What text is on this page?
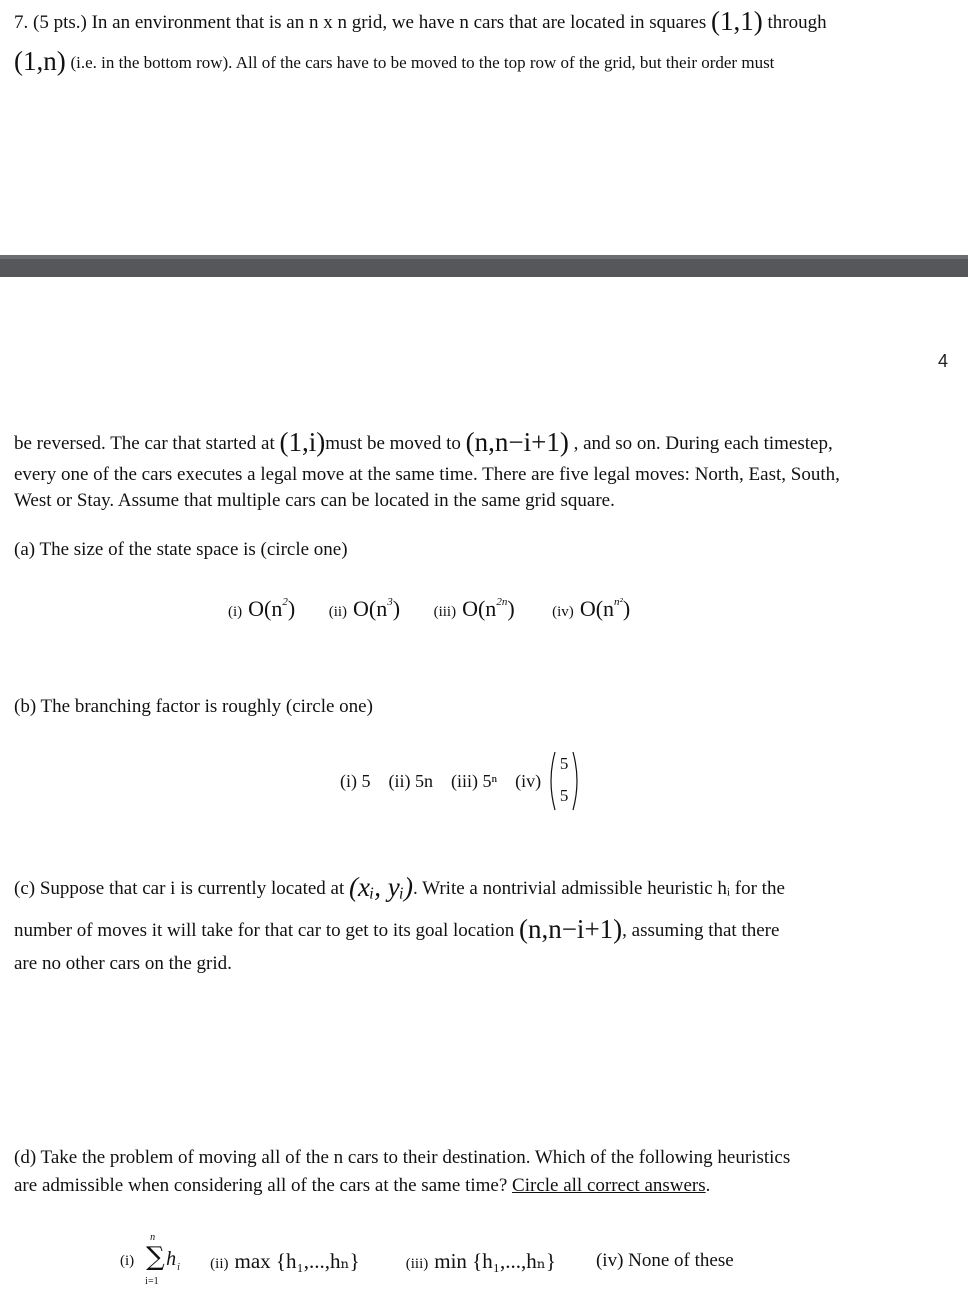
7. (5 pts.) In an environment that is an n x n grid, we have n cars that are located in squares (1,1) through
(1,n) (i.e. in the bottom row). All of the cars have to be moved to the top row of the grid, but their order must
4
be reversed. The car that started at (1,i)must be moved to (n,n−i+1) , and so on. During each timestep,
every one of the cars executes a legal move at the same time. There are five legal moves: North, East, South,
West or Stay. Assume that multiple cars can be located in the same grid square.
(a) The size of the state space is (circle one)
(i) $O(n^2)$ (ii) $O(n^3)$ (iii) $O(n^{2n})$	(iv) $O(n^{n^2})$
(b) The branching factor is roughly (circle one)
(i) 5 (ii) 5n (iii) 5ⁿ (iv)
5
5
(c) Suppose that car i is currently located at (xᵢ, yᵢ). Write a nontrivial admissible heuristic hᵢ for the
number of moves it will take for that car to get to its goal location (n,n−i+1), assuming that there
are no other cars on the grid.
(d) Take the problem of moving all of the n cars to their destination. Which of the following heuristics
are admissible when considering all of the cars at the same time? Circle all correct answers.
(i)
n
∑ h i
i=1
(ii) max {h₁,...,hₙ}	(iii) min {h₁,...,hₙ} (iv) None of these
